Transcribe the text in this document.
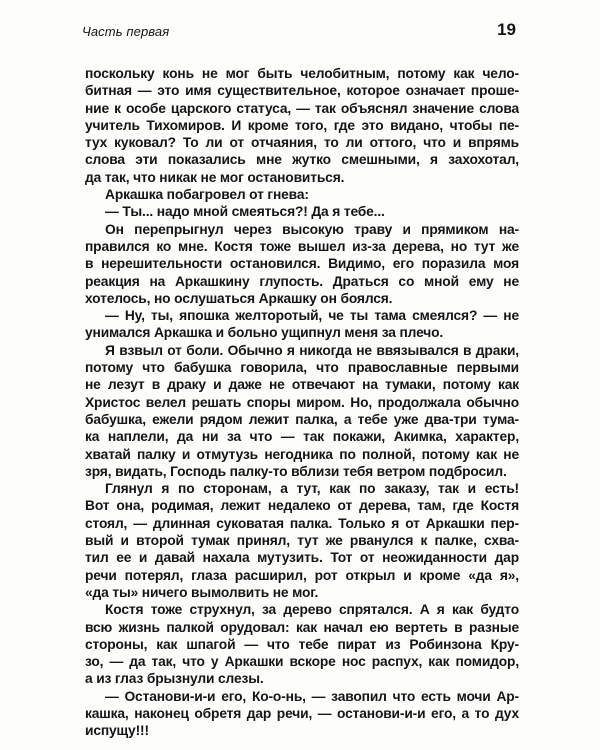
Часть первая	19
поскольку конь не мог быть челобитным, потому как чело-
битная — это имя существительное, которое означает проше-
ние к особе царского статуса, — так объяснял значение слова
учитель Тихомиров. И кроме того, где это видано, чтобы пе-
тух куковал? То ли от отчаяния, то ли оттого, что и впрямь
слова эти показались мне жутко смешными, я захохотал,
да так, что никак не мог остановиться.
Аркашка побагровел от гнева:
— Ты... надо мной смеяться?! Да я тебе...
Он перепрыгнул через высокую траву и прямиком на-
правился ко мне. Костя тоже вышел из-за дерева, но тут же
в нерешительности остановился. Видимо, его поразила моя
реакция на Аркашкину глупость. Драться со мной ему не
хотелось, но ослушаться Аркашку он боялся.
— Ну, ты, япошка желторотый, че ты тама смеялся? — не
унимался Аркашка и больно ущипнул меня за плечо.
Я взвыл от боли. Обычно я никогда не ввязывался в драки,
потому что бабушка говорила, что православные первыми
не лезут в драку и даже не отвечают на тумаки, потому как
Христос велел решать споры миром. Но, продолжала обычно
бабушка, ежели рядом лежит палка, а тебе уже два-три тума-
ка наплели, да ни за что — так покажи, Акимка, характер,
хватай палку и отмутузь негодника по полной, потому как не
зря, видать, Господь палку-то вблизи тебя ветром подбросил.
Глянул я по сторонам, а тут, как по заказу, так и есть!
Вот она, родимая, лежит недалеко от дерева, там, где Костя
стоял, — длинная суковатая палка. Только я от Аркашки пер-
вый и второй тумак принял, тут же рванулся к палке, схва-
тил ее и давай нахала мутузить. Тот от неожиданности дар
речи потерял, глаза расширил, рот открыл и кроме «да я»,
«да ты» ничего вымолвить не мог.
Костя тоже струхнул, за дерево спрятался. А я как будто
всю жизнь палкой орудовал: как начал ею вертеть в разные
стороны, как шпагой — что тебе пират из Робинзона Кру-
зо, — да так, что у Аркашки вскоре нос распух, как помидор,
а из глаз брызнули слезы.
— Останови-и-и его, Ко-о-нь, — завопил что есть мочи Ар-
кашка, наконец обретя дар речи, — останови-и-и его, а то дух
испущу!!!
